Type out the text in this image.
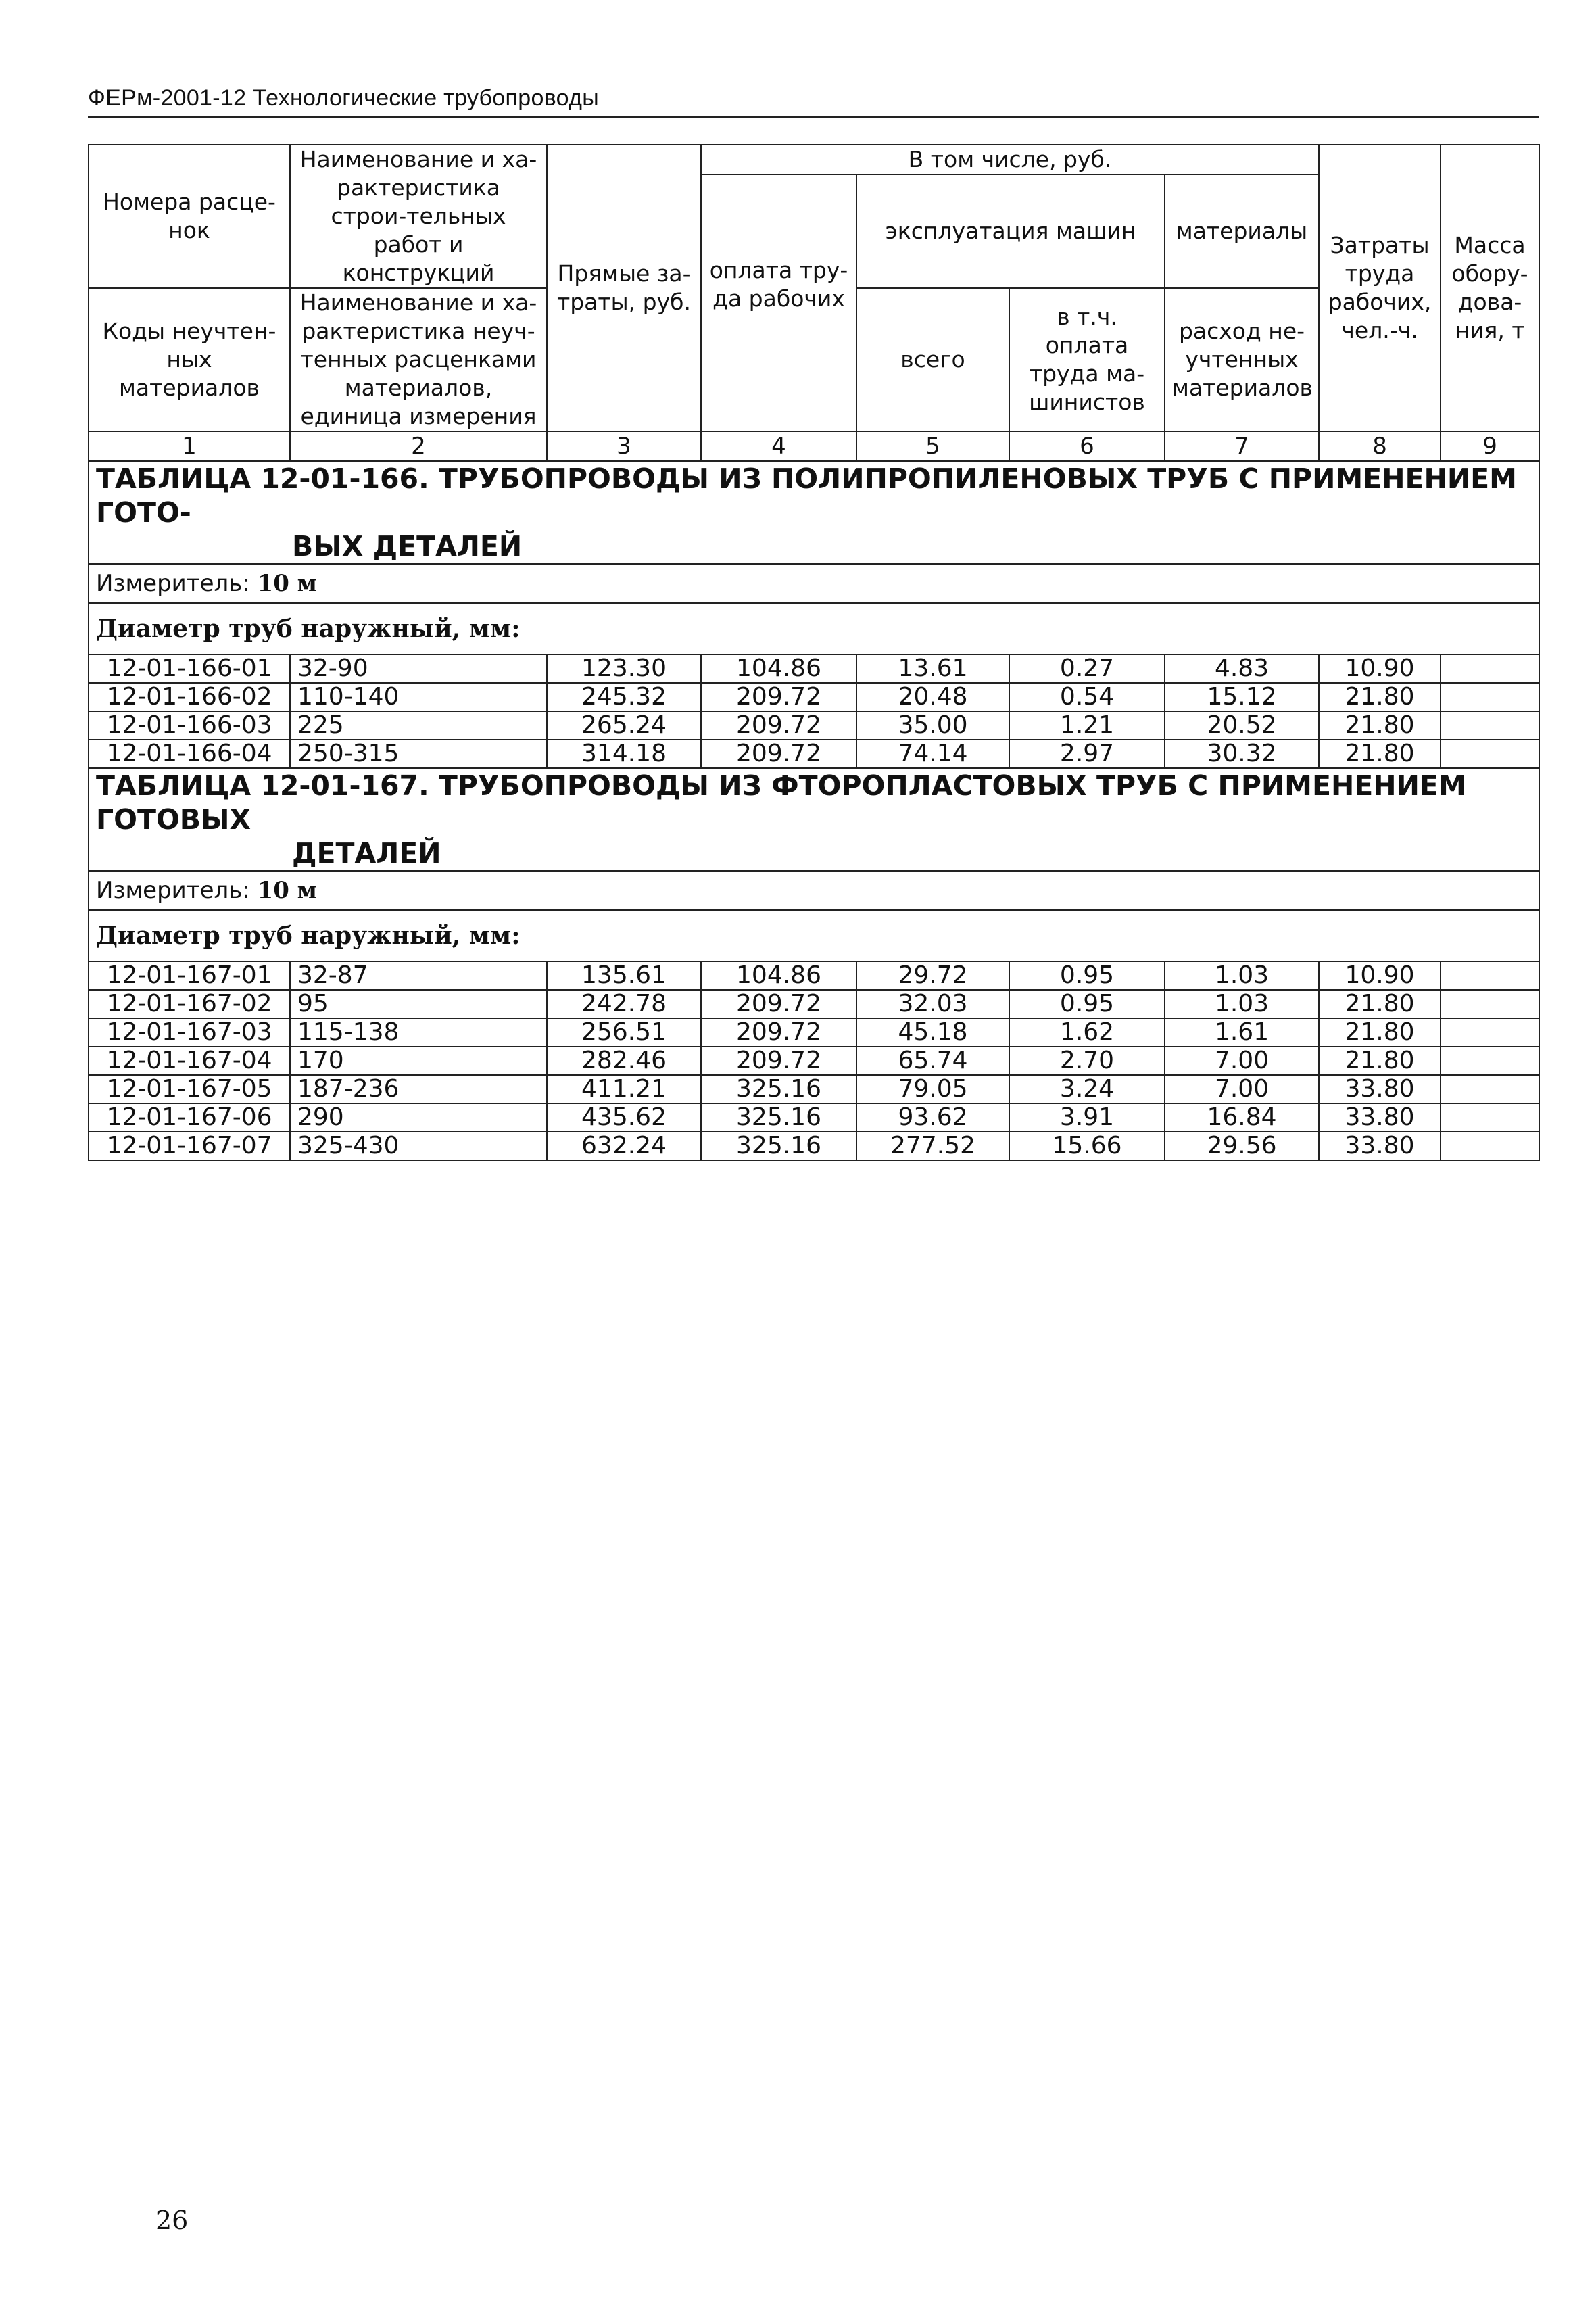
ФЕРм-2001-12 Технологические трубопроводы
Номера расце-нок	Наименование и ха-рактеристика строи-тельных работ и конструкций	Прямые за-траты, руб.	В том числе, руб.				Затраты труда рабочих, чел.-ч.	Масса обору-дова-ния, т
			оплата тру-да рабочих	эксплуатация машин		материалы		
Коды неучтен-ных материалов	Наименование и ха-рактеристика неуч-тенных расценками материалов, единица измерения			всего	в т.ч. оплата труда ма-шинистов	расход не-учтенных материалов		

1	2	3	4	5	6	7	8	9

ТАБЛИЦА 12-01-166. ТРУБОПРОВОДЫ ИЗ ПОЛИПРОПИЛЕНОВЫХ ТРУБ С ПРИМЕНЕНИЕМ ГОТО-
ВЫХ ДЕТАЛЕЙ								

Измеритель: 10 м								
Диаметр труб наружный, мм:								
12-01-166-01	32-90	123.30	104.86	13.61	0.27	4.83	10.90	
12-01-166-02	110-140	245.32	209.72	20.48	0.54	15.12	21.80	
12-01-166-03	225	265.24	209.72	35.00	1.21	20.52	21.80	
12-01-166-04	250-315	314.18	209.72	74.14	2.97	30.32	21.80	

ТАБЛИЦА 12-01-167. ТРУБОПРОВОДЫ ИЗ ФТОРОПЛАСТОВЫХ ТРУБ С ПРИМЕНЕНИЕМ ГОТОВЫХ
ДЕТАЛЕЙ								

Измеритель: 10 м								
Диаметр труб наружный, мм:								
12-01-167-01	32-87	135.61	104.86	29.72	0.95	1.03	10.90	
12-01-167-02	95	242.78	209.72	32.03	0.95	1.03	21.80	
12-01-167-03	115-138	256.51	209.72	45.18	1.62	1.61	21.80	
12-01-167-04	170	282.46	209.72	65.74	2.70	7.00	21.80	
12-01-167-05	187-236	411.21	325.16	79.05	3.24	7.00	33.80	
12-01-167-06	290	435.62	325.16	93.62	3.91	16.84	33.80	
12-01-167-07	325-430	632.24	325.16	277.52	15.66	29.56	33.80	
26
